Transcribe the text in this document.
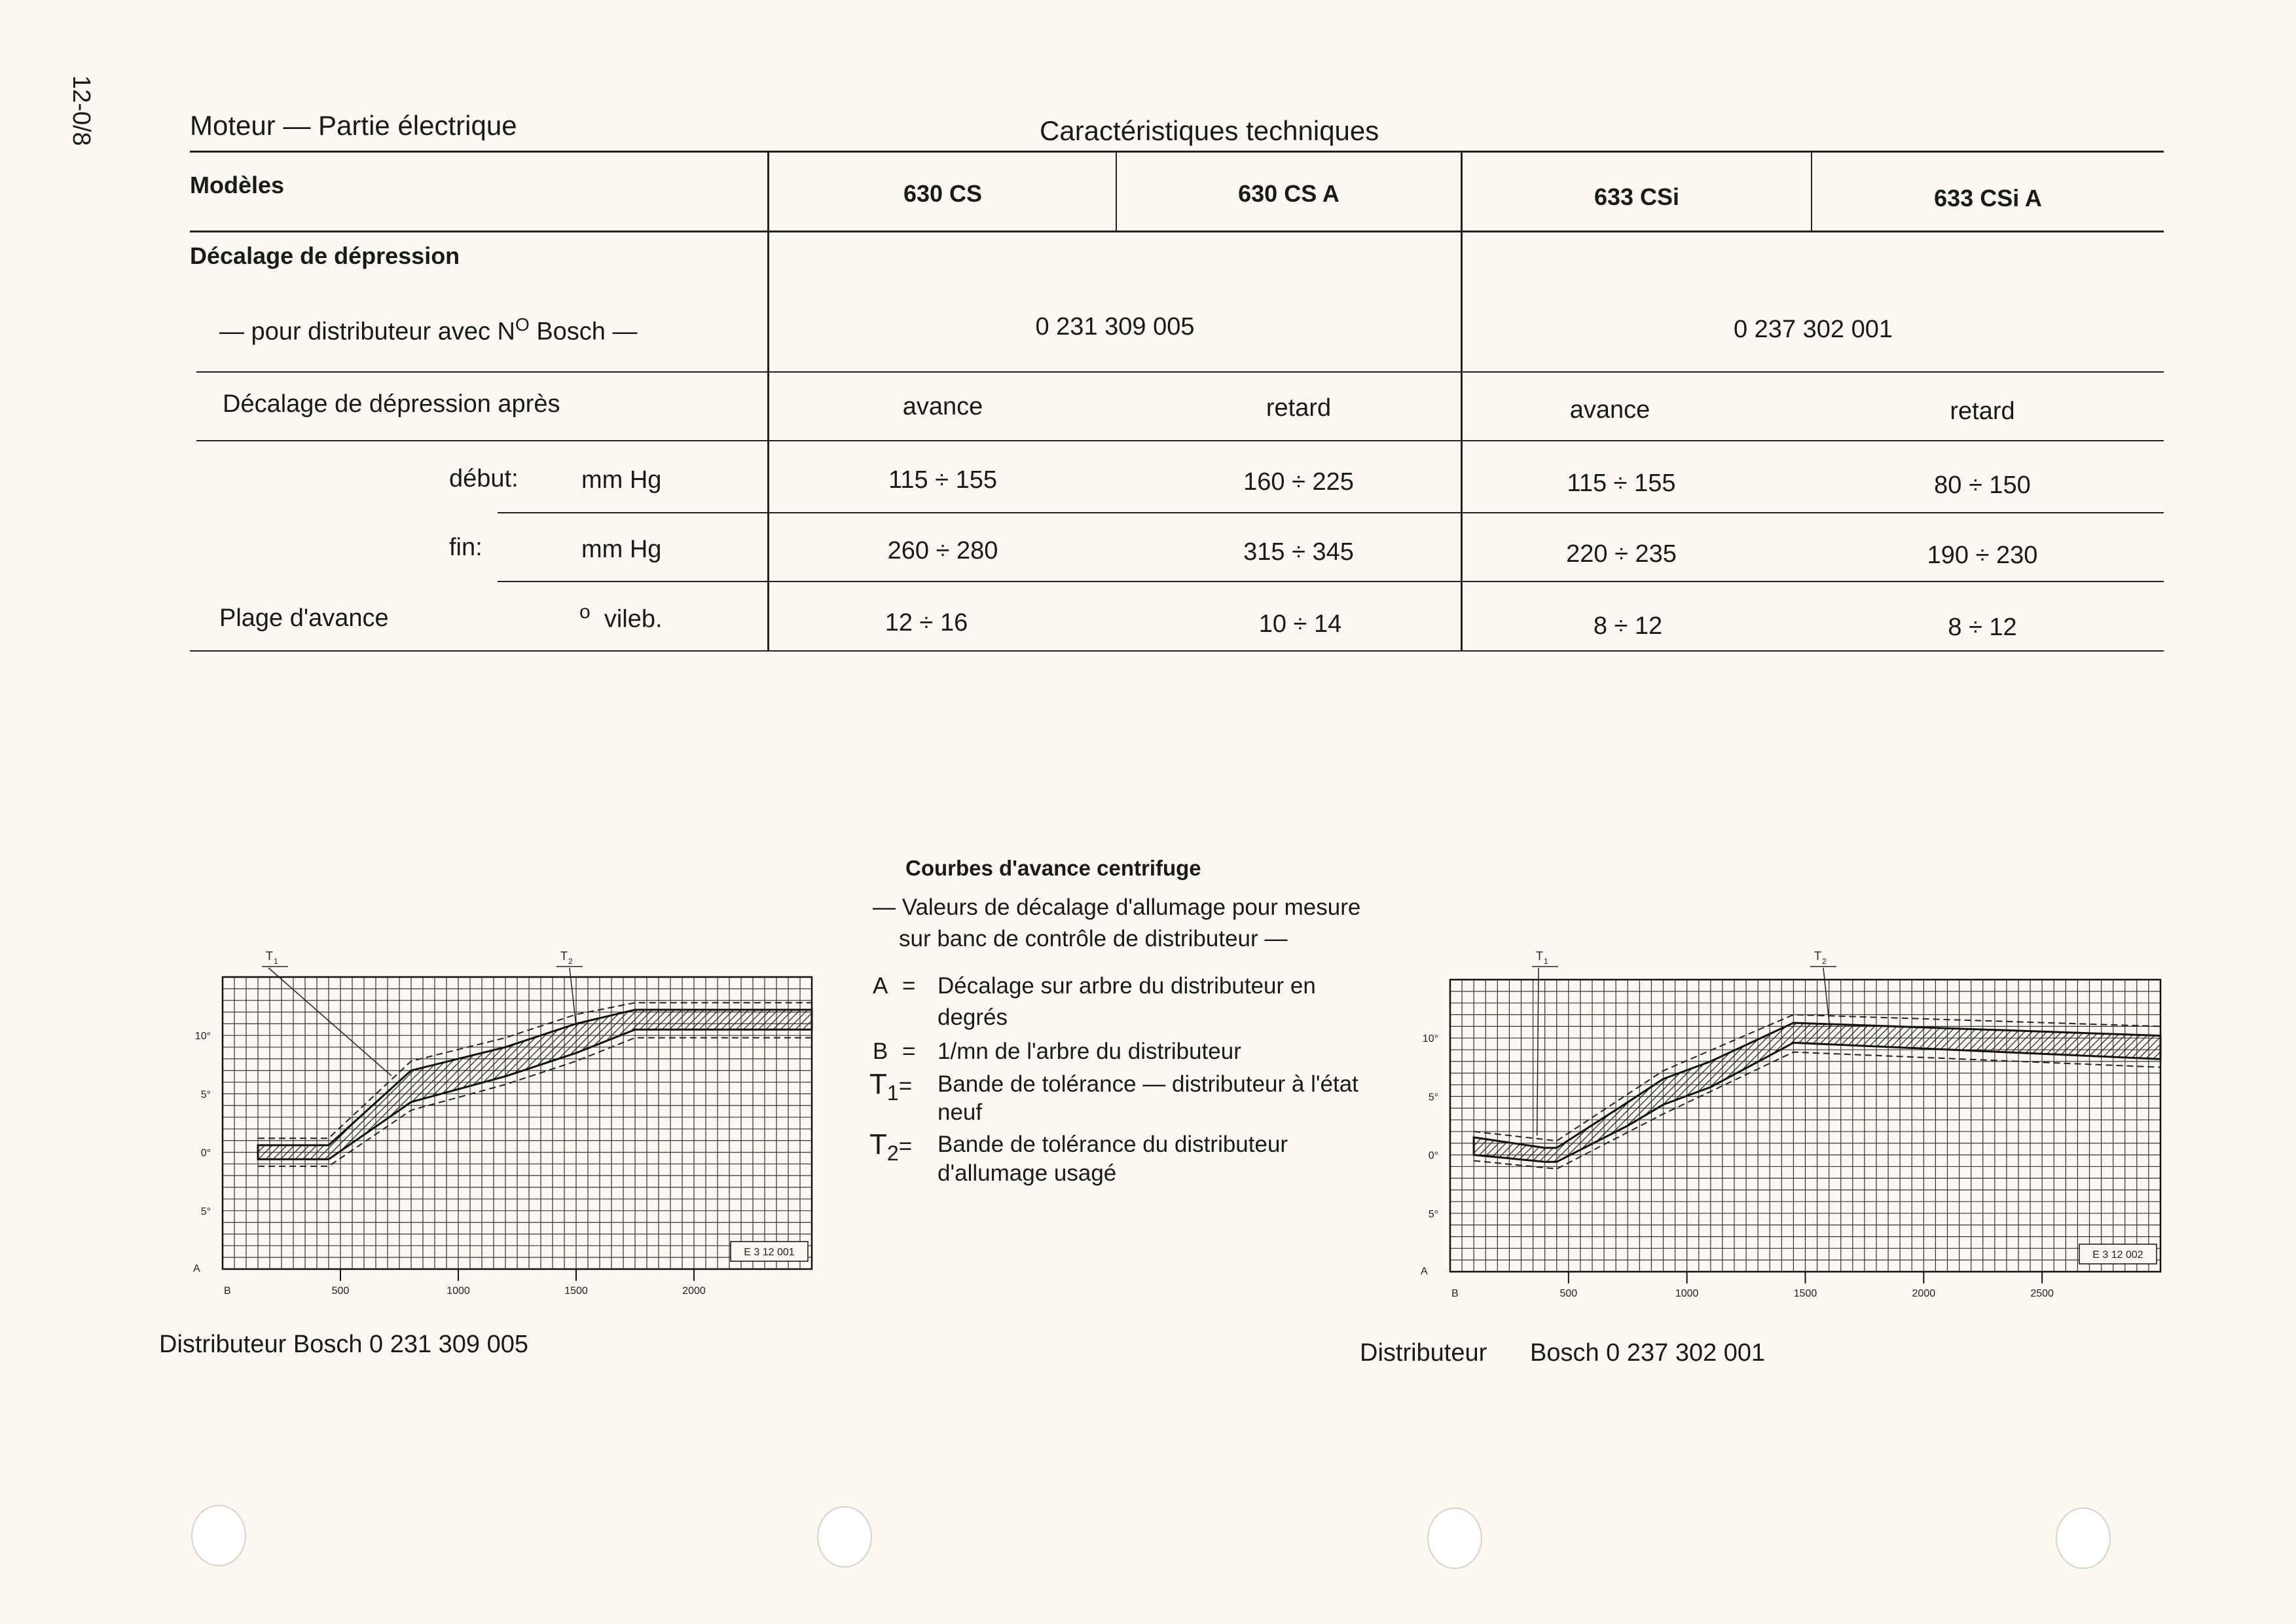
12-0/8	Moteur — Partie électrique	Caractéristiques techniques
Modèles	630 CS	630 CS A	633 CSi	633 CSi A
Décalage de dépression
— pour distributeur avec $N^O$ Bosch —	0 231 309 005	0 237 302 001
Décalage de dépression après	avance	retard	avance	retard
début:	mm Hg	115 ÷ 155	160 ÷ 225	115 ÷ 155	80 ÷ 150
fin:	mm Hg	260 ÷ 280	315 ÷ 345	220 ÷ 235	190 ÷ 230
Plage d'avance	$^o$ vileb.	12 ÷ 16	10 ÷ 14	8 ÷ 12	8 ÷ 12
Courbes d'avance centrifuge
— Valeurs de décalage d'allumage pour mesure
sur banc de contrôle de distributeur —
A = Décalage sur arbre du distributeur en
degrés
B = 1/mn de l'arbre du distributeur
$T_1=$ Bande de tolérance — distributeur à l'état
neuf
$T_2=$ Bande de tolérance du distributeur
d'allumage usagé
10°
5°
0°
5°
500	1000	1500	2000
A
B
E 3 12 001
T 1	T 2
10°
5°
0°
5°
500	1000	1500	2000	2500
A
B
E 3 12 002
T 1	T 2
Distributeur Bosch 0 231 309 005	Distributeur Bosch 0 237 302 001
